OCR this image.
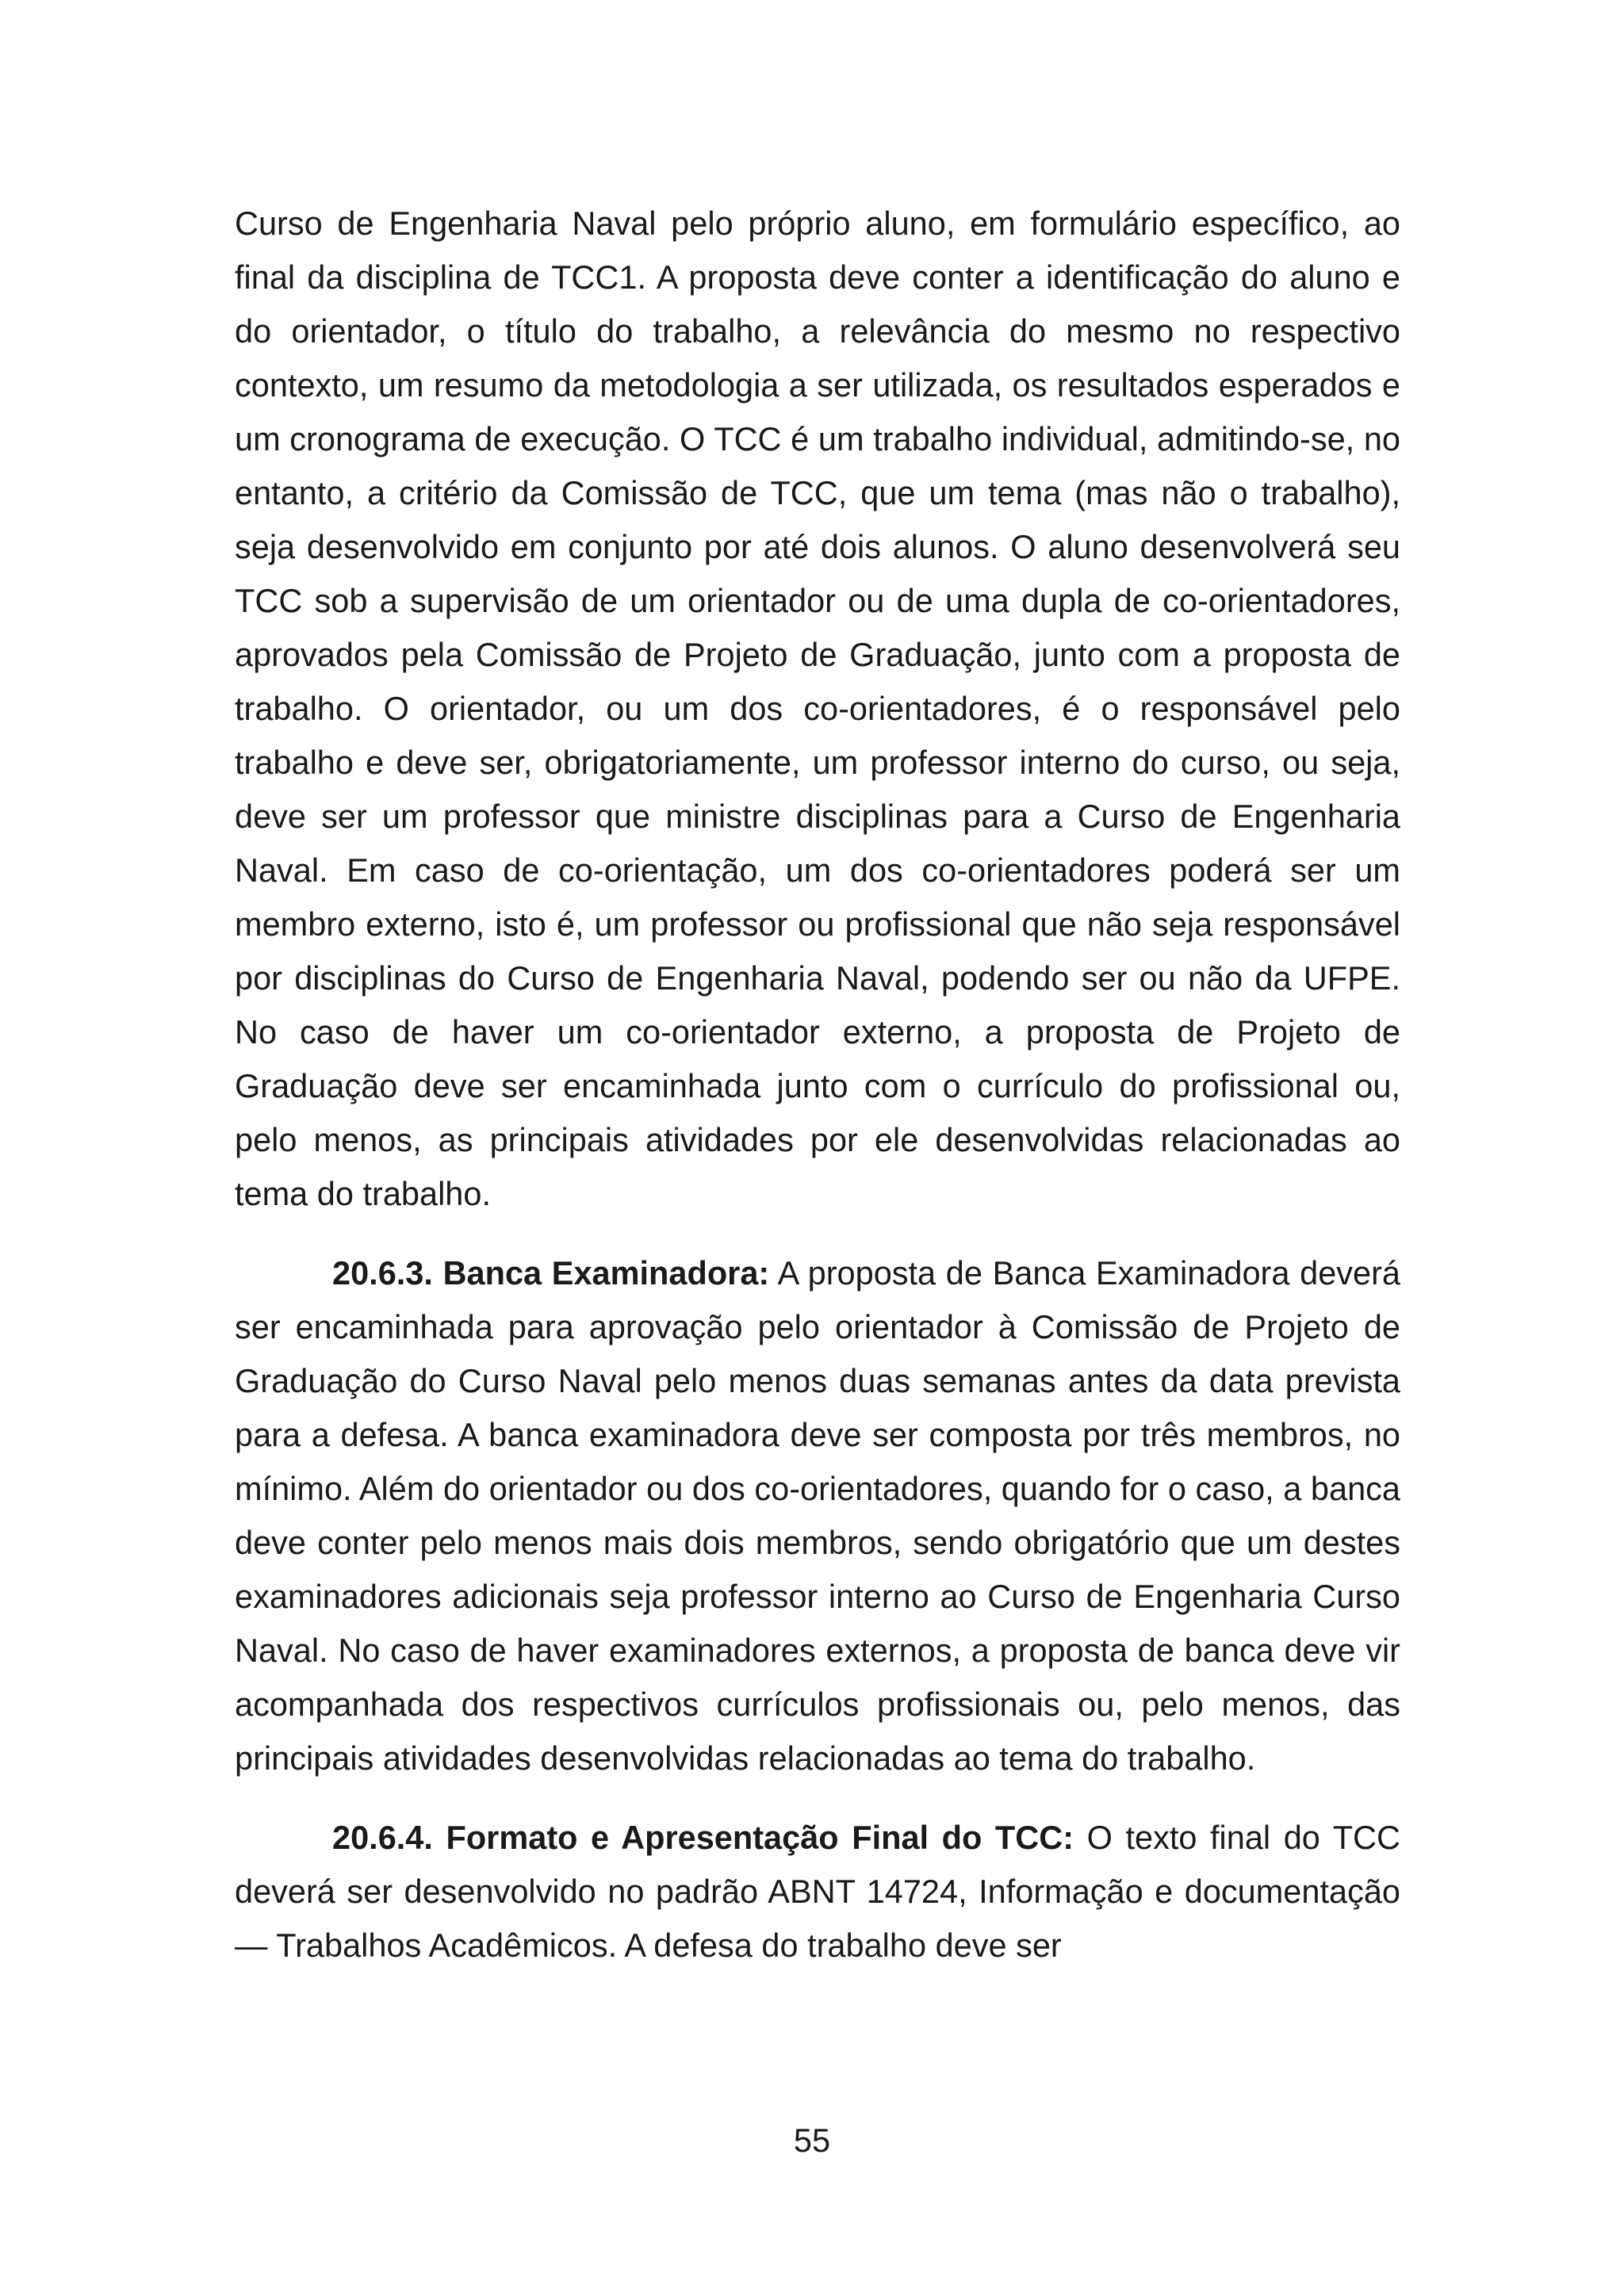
Curso de Engenharia Naval pelo próprio aluno, em formulário específico, ao final da disciplina de TCC1. A proposta deve conter a identificação do aluno e do orientador, o título do trabalho, a relevância do mesmo no respectivo contexto, um resumo da metodologia a ser utilizada, os resultados esperados e um cronograma de execução. O TCC é um trabalho individual, admitindo-se, no entanto, a critério da Comissão de TCC, que um tema (mas não o trabalho), seja desenvolvido em conjunto por até dois alunos. O aluno desenvolverá seu TCC sob a supervisão de um orientador ou de uma dupla de co-orientadores, aprovados pela Comissão de Projeto de Graduação, junto com a proposta de trabalho. O orientador, ou um dos co-orientadores, é o responsável pelo trabalho e deve ser, obrigatoriamente, um professor interno do curso, ou seja, deve ser um professor que ministre disciplinas para a Curso de Engenharia Naval. Em caso de co-orientação, um dos co-orientadores poderá ser um membro externo, isto é, um professor ou profissional que não seja responsável por disciplinas do Curso de Engenharia Naval, podendo ser ou não da UFPE. No caso de haver um co-orientador externo, a proposta de Projeto de Graduação deve ser encaminhada junto com o currículo do profissional ou, pelo menos, as principais atividades por ele desenvolvidas relacionadas ao tema do trabalho.

20.6.3. Banca Examinadora: A proposta de Banca Examinadora deverá ser encaminhada para aprovação pelo orientador à Comissão de Projeto de Graduação do Curso Naval pelo menos duas semanas antes da data prevista para a defesa. A banca examinadora deve ser composta por três membros, no mínimo. Além do orientador ou dos co-orientadores, quando for o caso, a banca deve conter pelo menos mais dois membros, sendo obrigatório que um destes examinadores adicionais seja professor interno ao Curso de Engenharia Curso Naval. No caso de haver examinadores externos, a proposta de banca deve vir acompanhada dos respectivos currículos profissionais ou, pelo menos, das principais atividades desenvolvidas relacionadas ao tema do trabalho.

20.6.4. Formato e Apresentação Final do TCC: O texto final do TCC deverá ser desenvolvido no padrão ABNT 14724, Informação e documentação — Trabalhos Acadêmicos. A defesa do trabalho deve ser

55
